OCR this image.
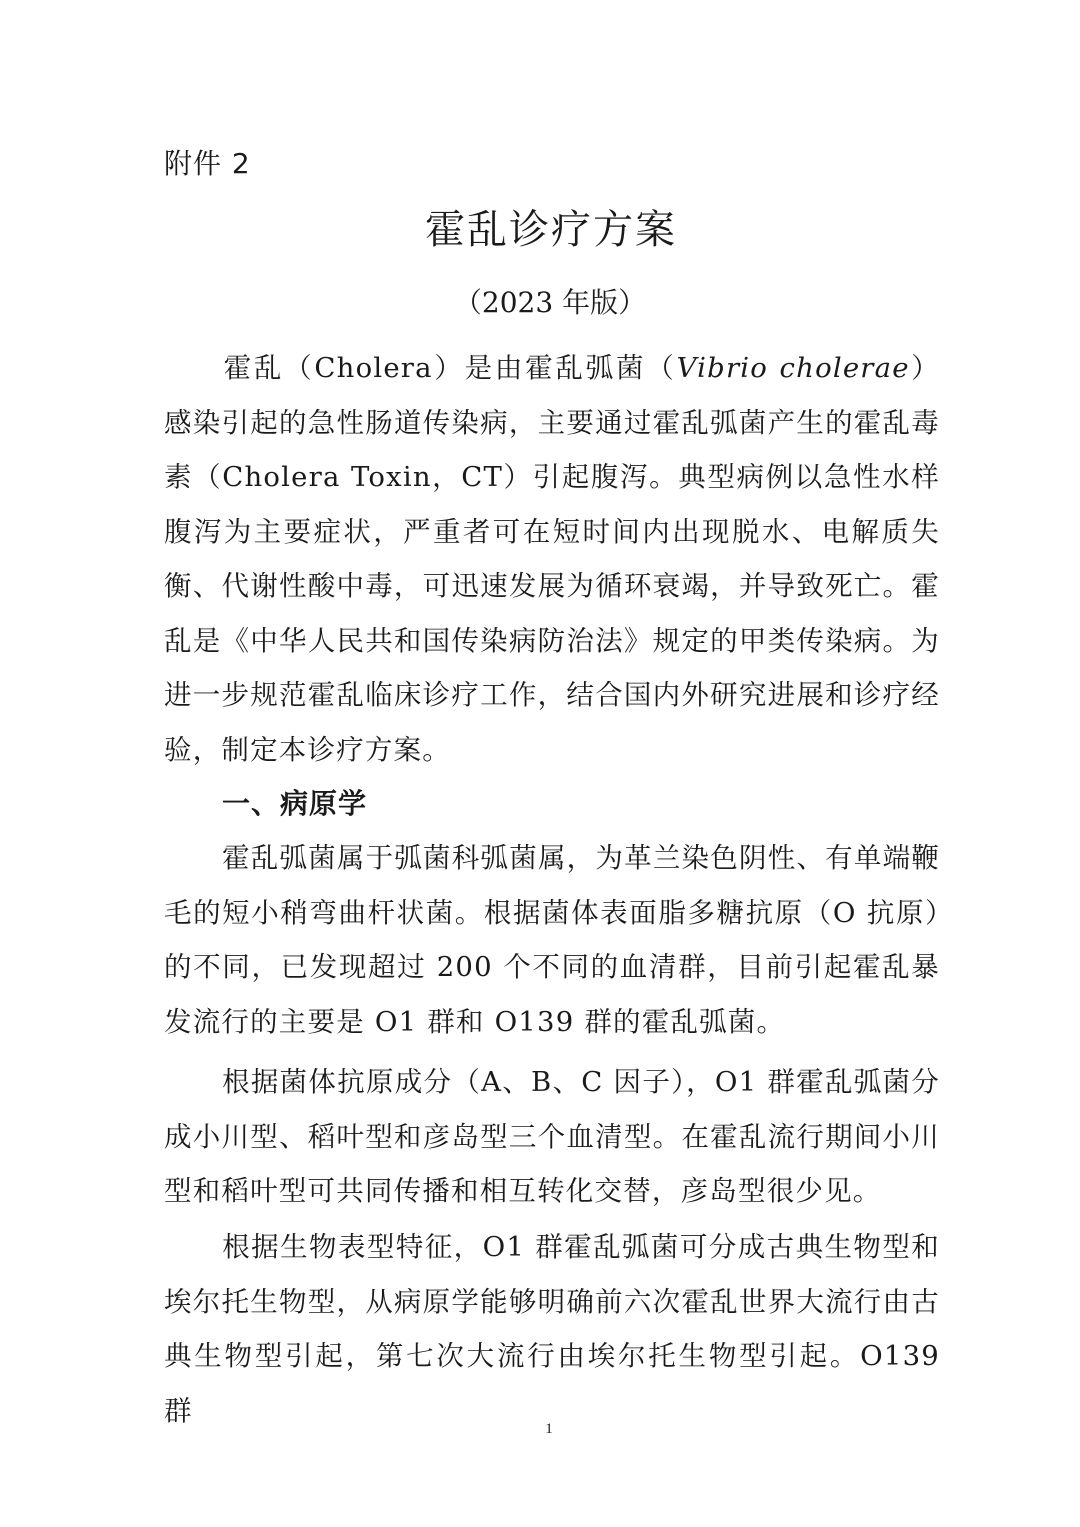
附件 2
霍乱诊疗方案
（2023 年版）

霍乱（Cholera）是由霍乱弧菌（Vibrio cholerae）感染引起的急性肠道传染病，主要通过霍乱弧菌产生的霍乱毒素（Cholera Toxin，CT）引起腹泻。典型病例以急性水样腹泻为主要症状，严重者可在短时间内出现脱水、电解质失衡、代谢性酸中毒，可迅速发展为循环衰竭，并导致死亡。霍乱是《中华人民共和国传染病防治法》规定的甲类传染病。为进一步规范霍乱临床诊疗工作，结合国内外研究进展和诊疗经验，制定本诊疗方案。

一、病原学

霍乱弧菌属于弧菌科弧菌属，为革兰染色阴性、有单端鞭毛的短小稍弯曲杆状菌。根据菌体表面脂多糖抗原（O 抗原）的不同，已发现超过 200 个不同的血清群，目前引起霍乱暴发流行的主要是 O1 群和 O139 群的霍乱弧菌。

根据菌体抗原成分（A、B、C 因子），O1 群霍乱弧菌分成小川型、稻叶型和彦岛型三个血清型。在霍乱流行期间小川型和稻叶型可共同传播和相互转化交替，彦岛型很少见。

根据生物表型特征，O1 群霍乱弧菌可分成古典生物型和埃尔托生物型，从病原学能够明确前六次霍乱世界大流行由古典生物型引起，第七次大流行由埃尔托生物型引起。O139 群

1
